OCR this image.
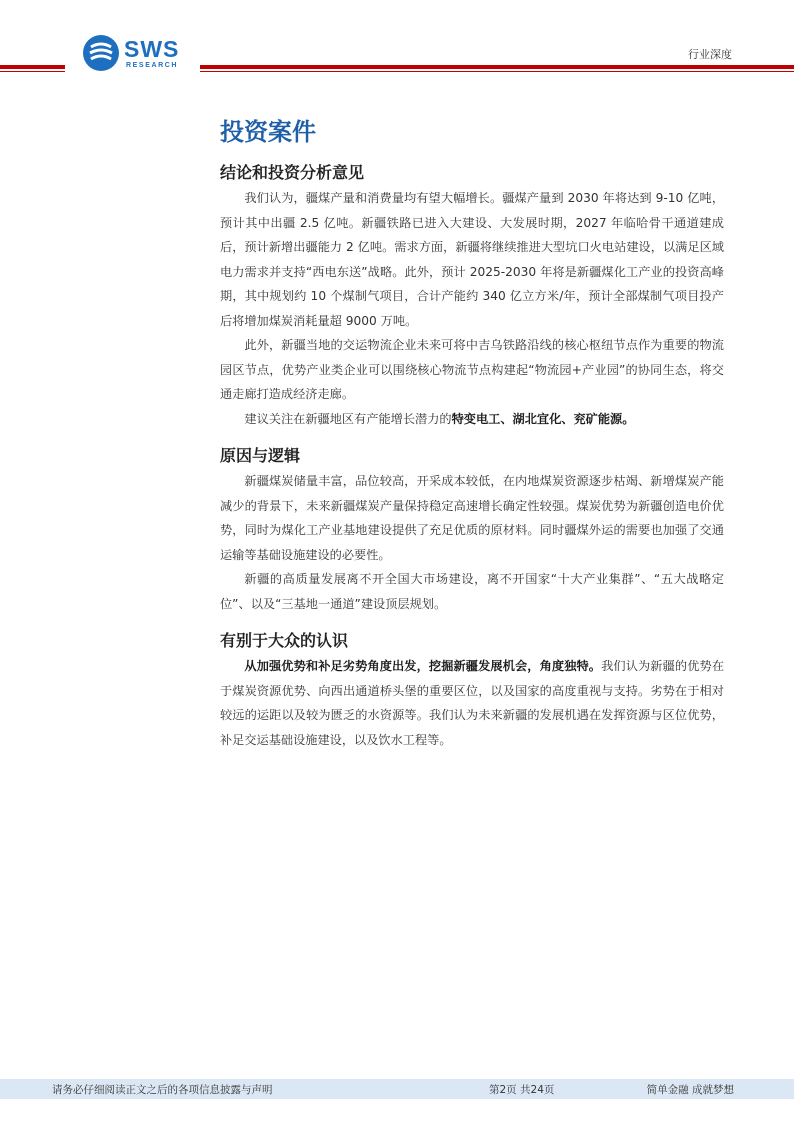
SWS
RESEARCH
行业深度
投资案件
结论和投资分析意见

我们认为，疆煤产量和消费量均有望大幅增长。疆煤产量到 2030 年将达到 9-10 亿吨，预计其中出疆 2.5 亿吨。新疆铁路已进入大建设、大发展时期，2027 年临哈骨干通道建成后，预计新增出疆能力 2 亿吨。需求方面，新疆将继续推进大型坑口火电站建设，以满足区域电力需求并支持“西电东送”战略。此外，预计 2025-2030 年将是新疆煤化工产业的投资高峰期，其中规划约 10 个煤制气项目，合计产能约 340 亿立方米/年，预计全部煤制气项目投产后将增加煤炭消耗量超 9000 万吨。

此外，新疆当地的交运物流企业未来可将中吉乌铁路沿线的核心枢纽节点作为重要的物流园区节点，优势产业类企业可以围绕核心物流节点构建起“物流园+产业园”的协同生态，将交通走廊打造成经济走廊。

建议关注在新疆地区有产能增长潜力的特变电工、湖北宜化、兖矿能源。

原因与逻辑

新疆煤炭储量丰富，品位较高，开采成本较低，在内地煤炭资源逐步枯竭、新增煤炭产能减少的背景下，未来新疆煤炭产量保持稳定高速增长确定性较强。煤炭优势为新疆创造电价优势，同时为煤化工产业基地建设提供了充足优质的原材料。同时疆煤外运的需要也加强了交通运输等基础设施建设的必要性。

新疆的高质量发展离不开全国大市场建设，离不开国家“十大产业集群”、“五大战略定位”、以及“三基地一通道”建设顶层规划。

有别于大众的认识

从加强优势和补足劣势角度出发，挖掘新疆发展机会，角度独特。我们认为新疆的优势在于煤炭资源优势、向西出通道桥头堡的重要区位，以及国家的高度重视与支持。劣势在于相对较远的运距以及较为匮乏的水资源等。我们认为未来新疆的发展机遇在发挥资源与区位优势，补足交运基础设施建设，以及饮水工程等。

请务必仔细阅读正文之后的各项信息披露与声明	第2页 共24页	简单金融 成就梦想
